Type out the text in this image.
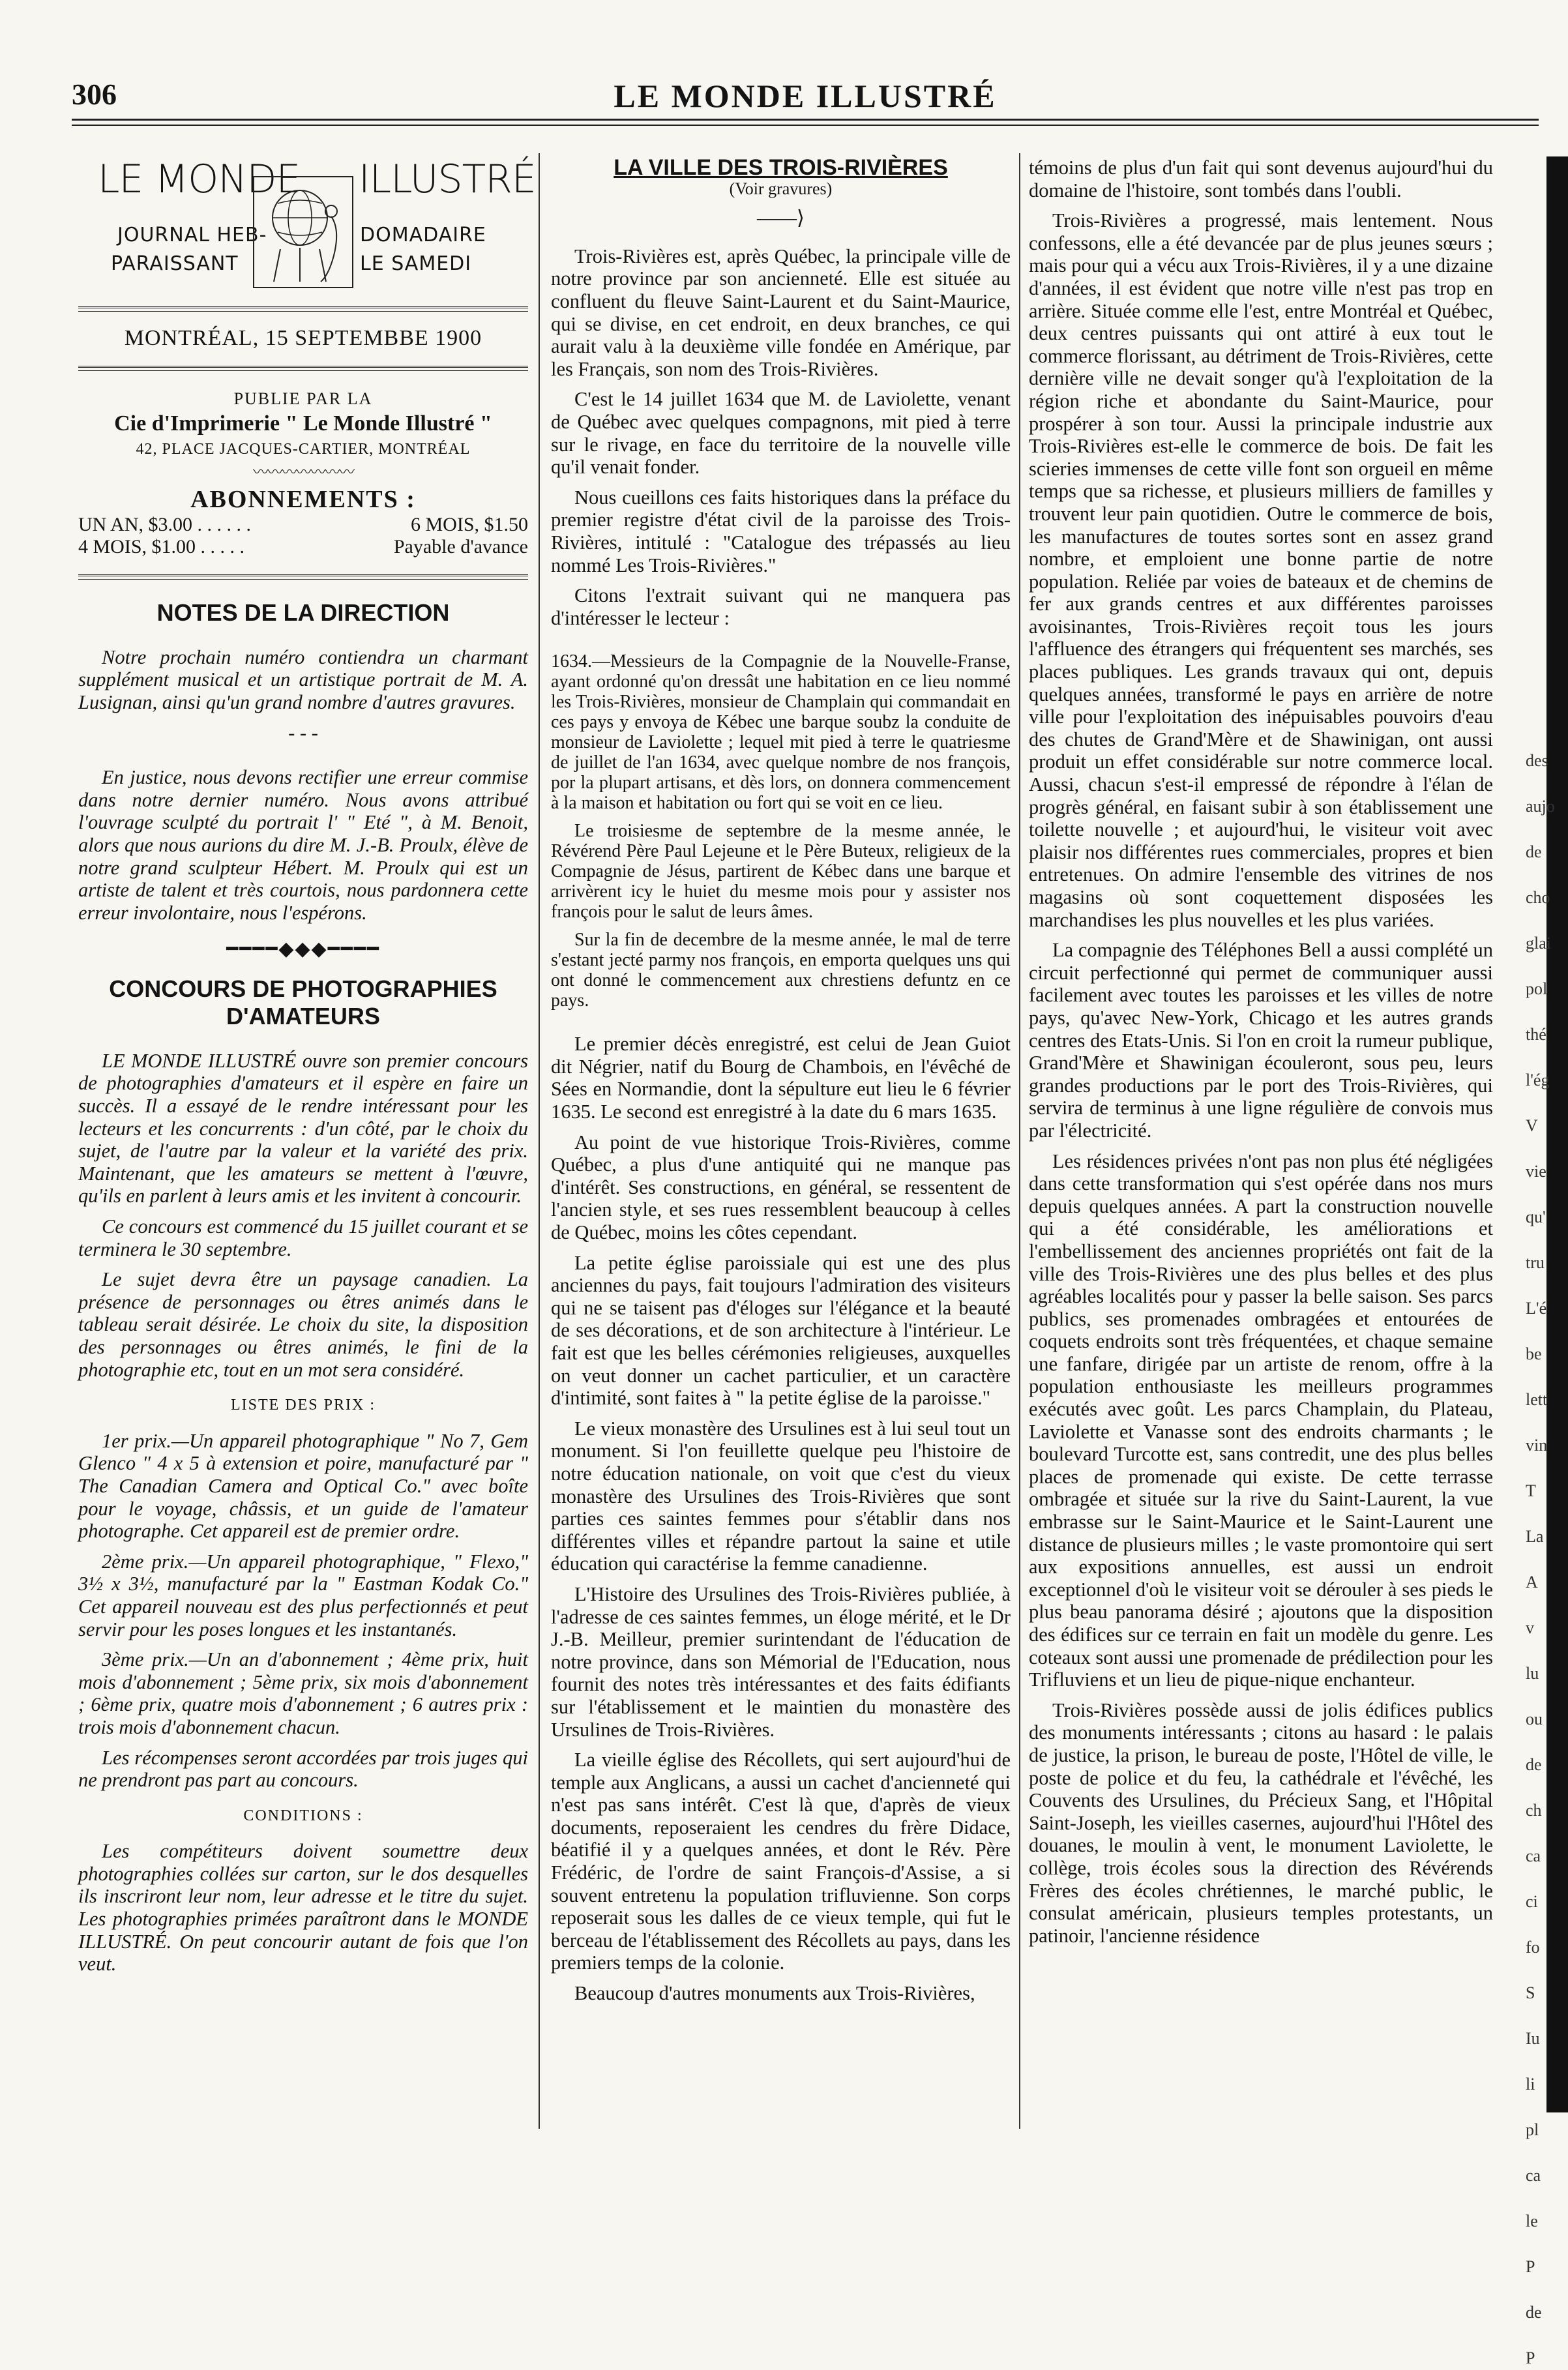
306	LE MONDE ILLUSTRÉ
LE MONDE ILLUSTRÉ
JOURNAL HEB-
PARAISSANT
DOMADAIRE
LE SAMEDI
MONTRÉAL, 15 SEPTEMBBE 1900
PUBLIE PAR LA
Cie d'Imprimerie " Le Monde Illustré "
42, PLACE JACQUES-CARTIER, MONTRÉAL
〰〰〰〰〰〰〰
ABONNEMENTS :
UN AN, $3.00 . . . . . .	6 MOIS, $1.50
4 MOIS, $1.00 . . . . .	Payable d'avance
NOTES DE LA DIRECTION

Notre prochain numéro contiendra un charmant supplément musical et un artistique portrait de M. A. Lusignan, ainsi qu'un grand nombre d'autres gravures.

- - -

En justice, nous devons rectifier une erreur commise dans notre dernier numéro. Nous avons attribué l'ouvrage sculpté du portrait l' " Eté ", à M. Benoit, alors que nous aurions du dire M. J.-B. Proulx, élève de notre grand sculpteur Hébert. M. Proulx qui est un artiste de talent et très courtois, nous pardonnera cette erreur involontaire, nous l'espérons.

━━━━◆◆◆━━━━
CONCOURS DE PHOTOGRAPHIES D'AMATEURS

LE MONDE ILLUSTRÉ ouvre son premier concours de photographies d'amateurs et il espère en faire un succès. Il a essayé de le rendre intéressant pour les lecteurs et les concurrents : d'un côté, par le choix du sujet, de l'autre par la valeur et la variété des prix. Maintenant, que les amateurs se mettent à l'œuvre, qu'ils en parlent à leurs amis et les invitent à concourir.

Ce concours est commencé du 15 juillet courant et se terminera le 30 septembre.

Le sujet devra être un paysage canadien. La présence de personnages ou êtres animés dans le tableau serait désirée. Le choix du site, la disposition des personnages ou êtres animés, le fini de la photographie etc, tout en un mot sera considéré.

LISTE DES PRIX :

1er prix.—Un appareil photographique " No 7, Gem Glenco " 4 x 5 à extension et poire, manufacturé par " The Canadian Camera and Optical Co." avec boîte pour le voyage, châssis, et un guide de l'amateur photographe. Cet appareil est de premier ordre.

2ème prix.—Un appareil photographique, " Flexo," 3½ x 3½, manufacturé par la " Eastman Kodak Co." Cet appareil nouveau est des plus perfectionnés et peut servir pour les poses longues et les instantanés.

3ème prix.—Un an d'abonnement ; 4ème prix, huit mois d'abonnement ; 5ème prix, six mois d'abonnement ; 6ème prix, quatre mois d'abonnement ; 6 autres prix : trois mois d'abonnement chacun.

Les récompenses seront accordées par trois juges qui ne prendront pas part au concours.

CONDITIONS :

Les compétiteurs doivent soumettre deux photographies collées sur carton, sur le dos desquelles ils inscriront leur nom, leur adresse et le titre du sujet. Les photographies primées paraîtront dans le MONDE ILLUSTRÉ. On peut concourir autant de fois que l'on veut.

LA VILLE DES TROIS-RIVIÈRES
(Voir gravures)
——⟩

Trois-Rivières est, après Québec, la principale ville de notre province par son ancienneté. Elle est située au confluent du fleuve Saint-Laurent et du Saint-Maurice, qui se divise, en cet endroit, en deux branches, ce qui aurait valu à la deuxième ville fondée en Amérique, par les Français, son nom des Trois-Rivières.

C'est le 14 juillet 1634 que M. de Laviolette, venant de Québec avec quelques compagnons, mit pied à terre sur le rivage, en face du territoire de la nouvelle ville qu'il venait fonder.

Nous cueillons ces faits historiques dans la préface du premier registre d'état civil de la paroisse des Trois-Rivières, intitulé : "Catalogue des trépassés au lieu nommé Les Trois-Rivières."

Citons l'extrait suivant qui ne manquera pas d'intéresser le lecteur :

1634.—Messieurs de la Compagnie de la Nouvelle-Franse, ayant ordonné qu'on dressât une habitation en ce lieu nommé les Trois-Rivières, monsieur de Champlain qui commandait en ces pays y envoya de Kébec une barque soubz la conduite de monsieur de Laviolette ; lequel mit pied à terre le quatriesme de juillet de l'an 1634, avec quelque nombre de nos françois, por la plupart artisans, et dès lors, on donnera commencement à la maison et habitation ou fort qui se voit en ce lieu.

Le troisiesme de septembre de la mesme année, le Révérend Père Paul Lejeune et le Père Buteux, religieux de la Compagnie de Jésus, partirent de Kébec dans une barque et arrivèrent icy le huiet du mesme mois pour y assister nos françois pour le salut de leurs âmes.

Sur la fin de decembre de la mesme année, le mal de terre s'estant jecté parmy nos françois, en emporta quelques uns qui ont donné le commencement aux chrestiens defuntz en ce pays.

Le premier décès enregistré, est celui de Jean Guiot dit Négrier, natif du Bourg de Chambois, en l'évêché de Sées en Normandie, dont la sépulture eut lieu le 6 février 1635. Le second est enregistré à la date du 6 mars 1635.

Au point de vue historique Trois-Rivières, comme Québec, a plus d'une antiquité qui ne manque pas d'intérêt. Ses constructions, en général, se ressentent de l'ancien style, et ses rues ressemblent beaucoup à celles de Québec, moins les côtes cependant.

La petite église paroissiale qui est une des plus anciennes du pays, fait toujours l'admiration des visiteurs qui ne se taisent pas d'éloges sur l'élégance et la beauté de ses décorations, et de son architecture à l'intérieur. Le fait est que les belles cérémonies religieuses, auxquelles on veut donner un cachet particulier, et un caractère d'intimité, sont faites à " la petite église de la paroisse."

Le vieux monastère des Ursulines est à lui seul tout un monument. Si l'on feuillette quelque peu l'histoire de notre éducation nationale, on voit que c'est du vieux monastère des Ursulines des Trois-Rivières que sont parties ces saintes femmes pour s'établir dans nos différentes villes et répandre partout la saine et utile éducation qui caractérise la femme canadienne.

L'Histoire des Ursulines des Trois-Rivières publiée, à l'adresse de ces saintes femmes, un éloge mérité, et le Dr J.-B. Meilleur, premier surintendant de l'éducation de notre province, dans son Mémorial de l'Education, nous fournit des notes très intéressantes et des faits édifiants sur l'établissement et le maintien du monastère des Ursulines de Trois-Rivières.

La vieille église des Récollets, qui sert aujourd'hui de temple aux Anglicans, a aussi un cachet d'ancienneté qui n'est pas sans intérêt. C'est là que, d'après de vieux documents, reposeraient les cendres du frère Didace, béatifié il y a quelques années, et dont le Rév. Père Frédéric, de l'ordre de saint François-d'Assise, a si souvent entretenu la population trifluvienne. Son corps reposerait sous les dalles de ce vieux temple, qui fut le berceau de l'établissement des Récollets au pays, dans les premiers temps de la colonie.

Beaucoup d'autres monuments aux Trois-Rivières,

témoins de plus d'un fait qui sont devenus aujourd'hui du domaine de l'histoire, sont tombés dans l'oubli.

Trois-Rivières a progressé, mais lentement. Nous confessons, elle a été devancée par de plus jeunes sœurs ; mais pour qui a vécu aux Trois-Rivières, il y a une dizaine d'années, il est évident que notre ville n'est pas trop en arrière. Située comme elle l'est, entre Montréal et Québec, deux centres puissants qui ont attiré à eux tout le commerce florissant, au détriment de Trois-Rivières, cette dernière ville ne devait songer qu'à l'exploitation de la région riche et abondante du Saint-Maurice, pour prospérer à son tour. Aussi la principale industrie aux Trois-Rivières est-elle le commerce de bois. De fait les scieries immenses de cette ville font son orgueil en même temps que sa richesse, et plusieurs milliers de familles y trouvent leur pain quotidien. Outre le commerce de bois, les manufactures de toutes sortes sont en assez grand nombre, et emploient une bonne partie de notre population. Reliée par voies de bateaux et de chemins de fer aux grands centres et aux différentes paroisses avoisinantes, Trois-Rivières reçoit tous les jours l'affluence des étrangers qui fréquentent ses marchés, ses places publiques. Les grands travaux qui ont, depuis quelques années, transformé le pays en arrière de notre ville pour l'exploitation des inépuisables pouvoirs d'eau des chutes de Grand'Mère et de Shawinigan, ont aussi produit un effet considérable sur notre commerce local. Aussi, chacun s'est-il empressé de répondre à l'élan de progrès général, en faisant subir à son établissement une toilette nouvelle ; et aujourd'hui, le visiteur voit avec plaisir nos différentes rues commerciales, propres et bien entretenues. On admire l'ensemble des vitrines de nos magasins où sont coquettement disposées les marchandises les plus nouvelles et les plus variées.

La compagnie des Téléphones Bell a aussi complété un circuit perfectionné qui permet de communiquer aussi facilement avec toutes les paroisses et les villes de notre pays, qu'avec New-York, Chicago et les autres grands centres des Etats-Unis. Si l'on en croit la rumeur publique, Grand'Mère et Shawinigan écouleront, sous peu, leurs grandes productions par le port des Trois-Rivières, qui servira de terminus à une ligne régulière de convois mus par l'électricité.

Les résidences privées n'ont pas non plus été négligées dans cette transformation qui s'est opérée dans nos murs depuis quelques années. A part la construction nouvelle qui a été considérable, les améliorations et l'embellissement des anciennes propriétés ont fait de la ville des Trois-Rivières une des plus belles et des plus agréables localités pour y passer la belle saison. Ses parcs publics, ses promenades ombragées et entourées de coquets endroits sont très fréquentées, et chaque semaine une fanfare, dirigée par un artiste de renom, offre à la population enthousiaste les meilleurs programmes exécutés avec goût. Les parcs Champlain, du Plateau, Laviolette et Vanasse sont des endroits charmants ; le boulevard Turcotte est, sans contredit, une des plus belles places de promenade qui existe. De cette terrasse ombragée et située sur la rive du Saint-Laurent, la vue embrasse sur le Saint-Maurice et le Saint-Laurent une distance de plusieurs milles ; le vaste promontoire qui sert aux expositions annuelles, est aussi un endroit exceptionnel d'où le visiteur voit se dérouler à ses pieds le plus beau panorama désiré ; ajoutons que la disposition des édifices sur ce terrain en fait un modèle du genre. Les coteaux sont aussi une promenade de prédilection pour les Trifluviens et un lieu de pique-nique enchanteur.

Trois-Rivières possède aussi de jolis édifices publics des monuments intéressants ; citons au hasard : le palais de justice, la prison, le bureau de poste, l'Hôtel de ville, le poste de police et du feu, la cathédrale et l'évêché, les Couvents des Ursulines, du Précieux Sang, et l'Hôpital Saint-Joseph, les vieilles casernes, aujourd'hui l'Hôtel des douanes, le moulin à vent, le monument Laviolette, le collège, trois écoles sous la direction des Révérends Frères des écoles chrétiennes, le marché public, le consulat américain, plusieurs temples protestants, un patinoir, l'ancienne résidence

des
aujo
de
cho
glai
pol
thé
l'ég
V
vie
qu'
tru
L'é
be
lett
vin
T
La
A
v
lu
ou
de
ch
ca
ci
fo
S
Iu
li
pl
ca
le
P
de
P
